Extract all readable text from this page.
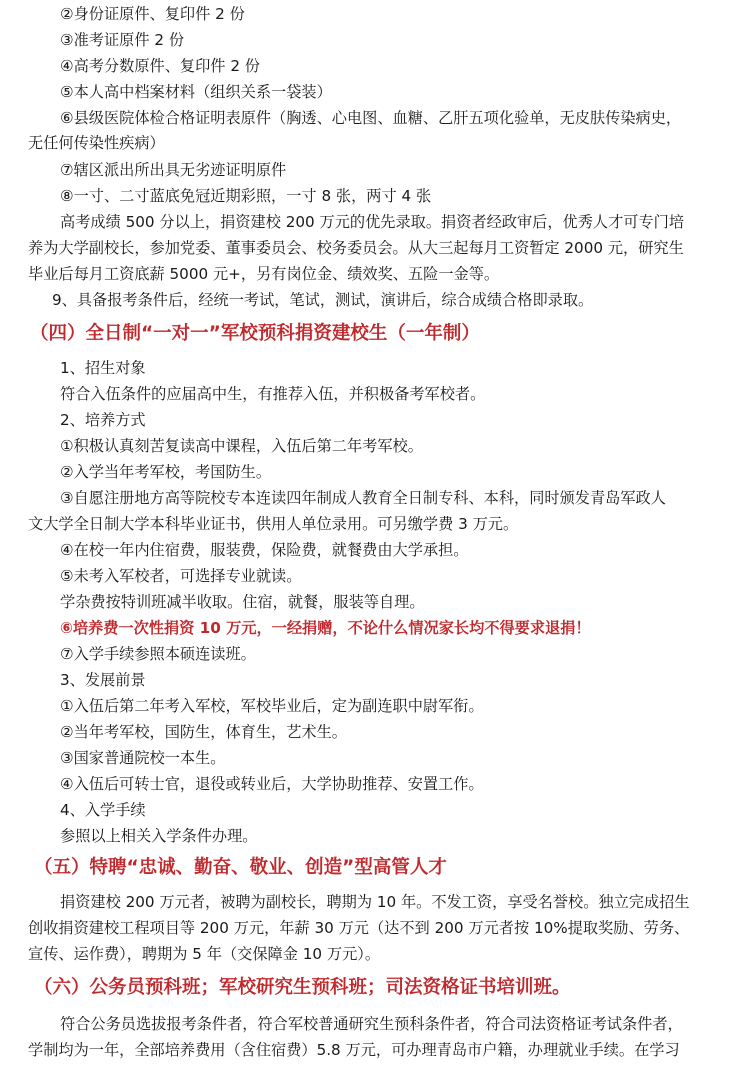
②身份证原件、复印件 2 份
③准考证原件 2 份
④高考分数原件、复印件 2 份
⑤本人高中档案材料（组织关系一袋装）
⑥县级医院体检合格证明表原件（胸透、心电图、血糖、乙肝五项化验单，无皮肤传染病史，
无任何传染性疾病）
⑦辖区派出所出具无劣迹证明原件
⑧一寸、二寸蓝底免冠近期彩照，一寸 8 张，两寸 4 张
高考成绩 500 分以上，捐资建校 200 万元的优先录取。捐资者经政审后，优秀人才可专门培
养为大学副校长，参加党委、董事委员会、校务委员会。从大三起每月工资暂定 2000 元，研究生
毕业后每月工资底薪 5000 元+，另有岗位金、绩效奖、五险一金等。
9、具备报考条件后，经统一考试，笔试，测试，演讲后，综合成绩合格即录取。
（四）全日制“一对一”军校预科捐资建校生（一年制）
1、招生对象
符合入伍条件的应届高中生，有推荐入伍，并积极备考军校者。
2、培养方式
①积极认真刻苦复读高中课程，入伍后第二年考军校。
②入学当年考军校，考国防生。
③自愿注册地方高等院校专本连读四年制成人教育全日制专科、本科，同时颁发青岛军政人
文大学全日制大学本科毕业证书，供用人单位录用。可另缴学费 3 万元。
④在校一年内住宿费，服装费，保险费，就餐费由大学承担。
⑤未考入军校者，可选择专业就读。
学杂费按特训班减半收取。住宿，就餐，服装等自理。
⑥培养费一次性捐资 10 万元，一经捐赠，不论什么情况家长均不得要求退捐！
⑦入学手续参照本硕连读班。
3、发展前景
①入伍后第二年考入军校，军校毕业后，定为副连职中尉军衔。
②当年考军校，国防生，体育生，艺术生。
③国家普通院校一本生。
④入伍后可转士官，退役或转业后，大学协助推荐、安置工作。
4、入学手续
参照以上相关入学条件办理。
（五）特聘“忠诚、勤奋、敬业、创造”型高管人才
捐资建校 200 万元者，被聘为副校长，聘期为 10 年。不发工资，享受名誉校。独立完成招生
创收捐资建校工程项目等 200 万元，年薪 30 万元（达不到 200 万元者按 10%提取奖励、劳务、
宣传、运作费），聘期为 5 年（交保障金 10 万元）。
（六）公务员预科班；军校研究生预科班；司法资格证书培训班。
符合公务员选拔报考条件者，符合军校普通研究生预科条件者，符合司法资格证考试条件者，
学制均为一年，全部培养费用（含住宿费）5.8 万元，可办理青岛市户籍，办理就业手续。在学习
